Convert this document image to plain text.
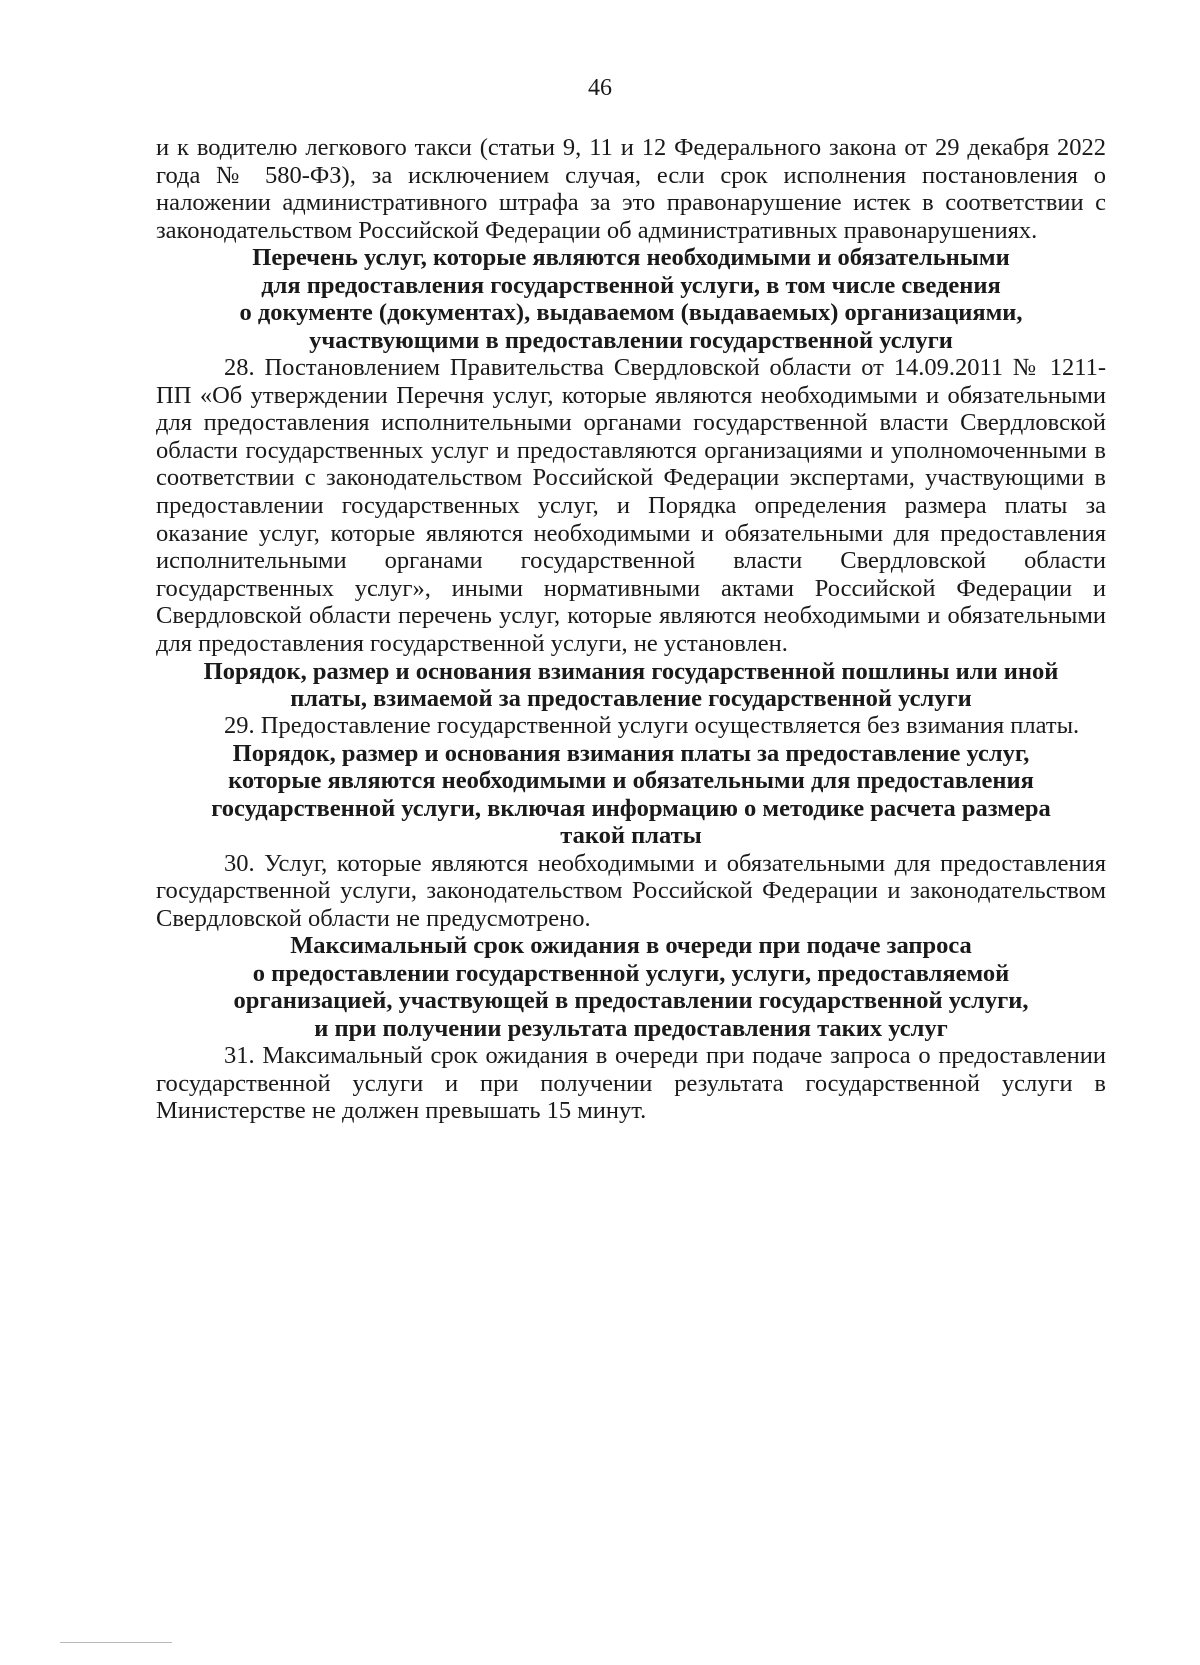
46

и к водителю легкового такси (статьи 9, 11 и 12 Федерального закона от 29 декабря 2022 года № 580-ФЗ), за исключением случая, если срок исполнения постановления о наложении административного штрафа за это правонарушение истек в соответствии с законодательством Российской Федерации об административных правонарушениях.

Перечень услуг, которые являются необходимыми и обязательными
для предоставления государственной услуги, в том числе сведения
о документе (документах), выдаваемом (выдаваемых) организациями,
участвующими в предоставлении государственной услуги

28. Постановлением Правительства Свердловской области от 14.09.2011 № 1211-ПП «Об утверждении Перечня услуг, которые являются необходимыми и обязательными для предоставления исполнительными органами государственной власти Свердловской области государственных услуг и предоставляются организациями и уполномоченными в соответствии с законодательством Российской Федерации экспертами, участвующими в предоставлении государственных услуг, и Порядка определения размера платы за оказание услуг, которые являются необходимыми и обязательными для предоставления исполнительными органами государственной власти Свердловской области государственных услуг», иными нормативными актами Российской Федерации и Свердловской области перечень услуг, которые являются необходимыми и обязательными для предоставления государственной услуги, не установлен.

Порядок, размер и основания взимания государственной пошлины или иной
платы, взимаемой за предоставление государственной услуги

29. Предоставление государственной услуги осуществляется без взимания платы.

Порядок, размер и основания взимания платы за предоставление услуг,
которые являются необходимыми и обязательными для предоставления
государственной услуги, включая информацию о методике расчета размера
такой платы

30. Услуг, которые являются необходимыми и обязательными для предоставления государственной услуги, законодательством Российской Федерации и законодательством Свердловской области не предусмотрено.

Максимальный срок ожидания в очереди при подаче запроса
о предоставлении государственной услуги, услуги, предоставляемой
организацией, участвующей в предоставлении государственной услуги,
и при получении результата предоставления таких услуг

31. Максимальный срок ожидания в очереди при подаче запроса о предоставлении государственной услуги и при получении результата государственной услуги в Министерстве не должен превышать 15 минут.
